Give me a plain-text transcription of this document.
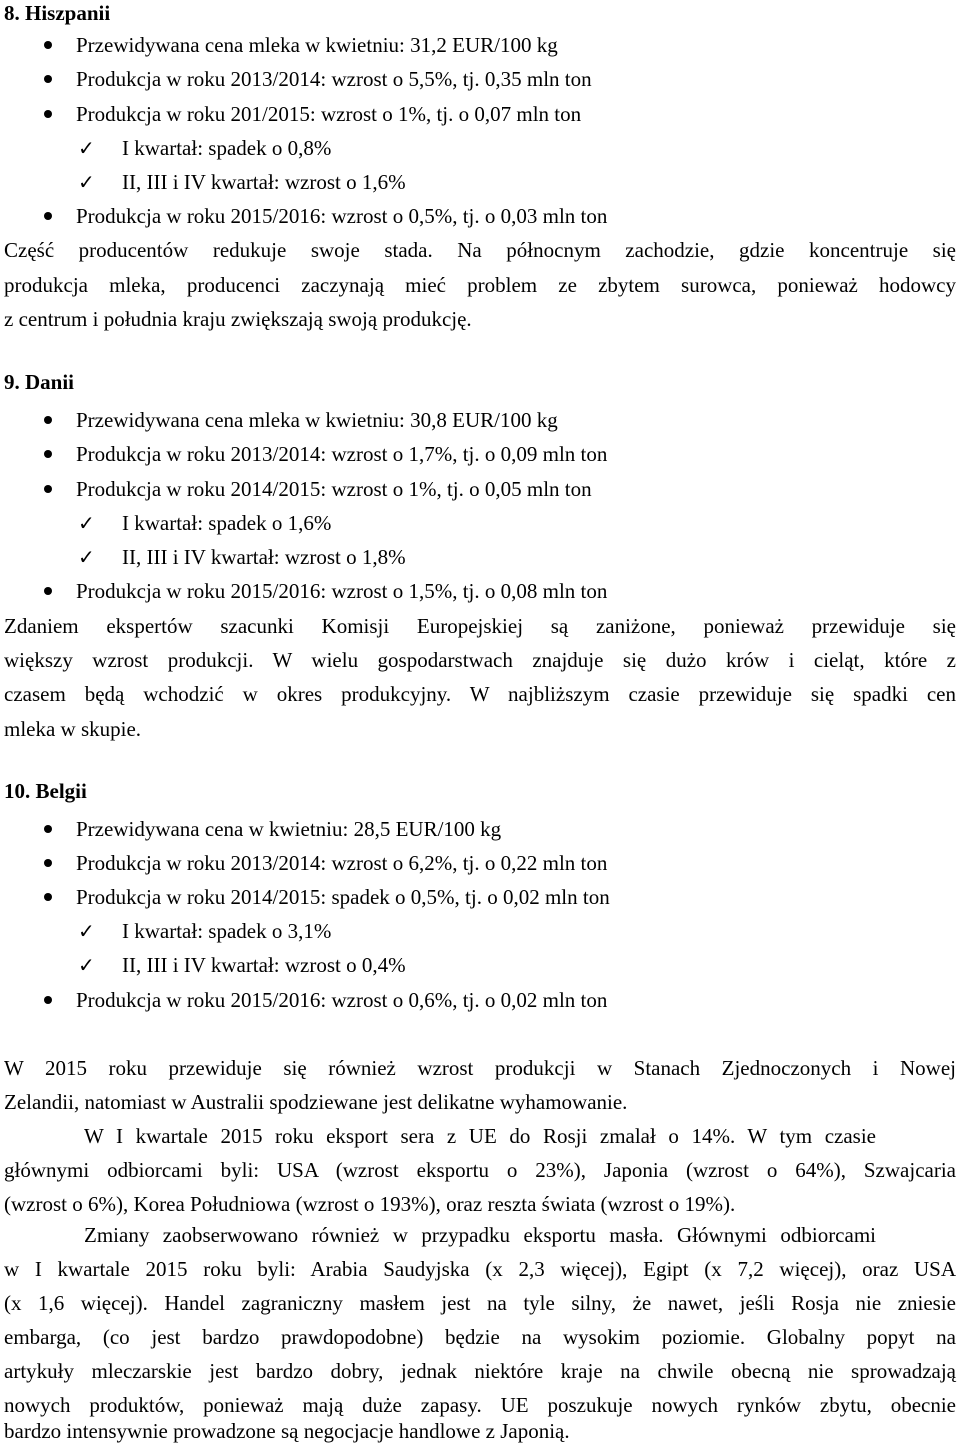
8. Hiszpanii
Przewidywana cena mleka w kwietniu: 31,2 EUR/100 kg
Produkcja w roku 2013/2014: wzrost o 5,5%, tj. 0,35 mln ton
Produkcja w roku 201/2015: wzrost o 1%, tj. o 0,07 mln ton
✓ I kwartał: spadek o 0,8%
✓ II, III i IV kwartał: wzrost o 1,6%
Produkcja w roku 2015/2016: wzrost o 0,5%, tj. o 0,03 mln ton
Część producentów redukuje swoje stada. Na północnym zachodzie, gdzie koncentruje się
produkcja mleka, producenci zaczynają mieć problem ze zbytem surowca, ponieważ hodowcy
z centrum i południa kraju zwiększają swoją produkcję.
9. Danii
Przewidywana cena mleka w kwietniu: 30,8 EUR/100 kg
Produkcja w roku 2013/2014: wzrost o 1,7%, tj. o 0,09 mln ton
Produkcja w roku 2014/2015: wzrost o 1%, tj. o 0,05 mln ton
✓ I kwartał: spadek o 1,6%
✓ II, III i IV kwartał: wzrost o 1,8%
Produkcja w roku 2015/2016: wzrost o 1,5%, tj. o 0,08 mln ton
Zdaniem ekspertów szacunki Komisji Europejskiej są zaniżone, ponieważ przewiduje się
większy wzrost produkcji. W wielu gospodarstwach znajduje się dużo krów i cieląt, które z
czasem będą wchodzić w okres produkcyjny. W najbliższym czasie przewiduje się spadki cen
mleka w skupie.
10. Belgii
Przewidywana cena w kwietniu: 28,5 EUR/100 kg
Produkcja w roku 2013/2014: wzrost o 6,2%, tj. o 0,22 mln ton
Produkcja w roku 2014/2015: spadek o 0,5%, tj. o 0,02 mln ton
✓ I kwartał: spadek o 3,1%
✓ II, III i IV kwartał: wzrost o 0,4%
Produkcja w roku 2015/2016: wzrost o 0,6%, tj. o 0,02 mln ton
W 2015 roku przewiduje się również wzrost produkcji w Stanach Zjednoczonych i Nowej
Zelandii, natomiast w Australii spodziewane jest delikatne wyhamowanie.
W I kwartale 2015 roku eksport sera z UE do Rosji zmalał o 14%. W tym czasie
głównymi odbiorcami byli: USA (wzrost eksportu o 23%), Japonia (wzrost o 64%), Szwajcaria
(wzrost o 6%), Korea Południowa (wzrost o 193%), oraz reszta świata (wzrost o 19%).
Zmiany zaobserwowano również w przypadku eksportu masła. Głównymi odbiorcami
w I kwartale 2015 roku byli: Arabia Saudyjska (x 2,3 więcej), Egipt (x 7,2 więcej), oraz USA
(x 1,6 więcej). Handel zagraniczny masłem jest na tyle silny, że nawet, jeśli Rosja nie zniesie
embarga, (co jest bardzo prawdopodobne) będzie na wysokim poziomie. Globalny popyt na
artykuły mleczarskie jest bardzo dobry, jednak niektóre kraje na chwile obecną nie sprowadzają
nowych produktów, ponieważ mają duże zapasy. UE poszukuje nowych rynków zbytu, obecnie
bardzo intensywnie prowadzone są negocjacje handlowe z Japonią.
